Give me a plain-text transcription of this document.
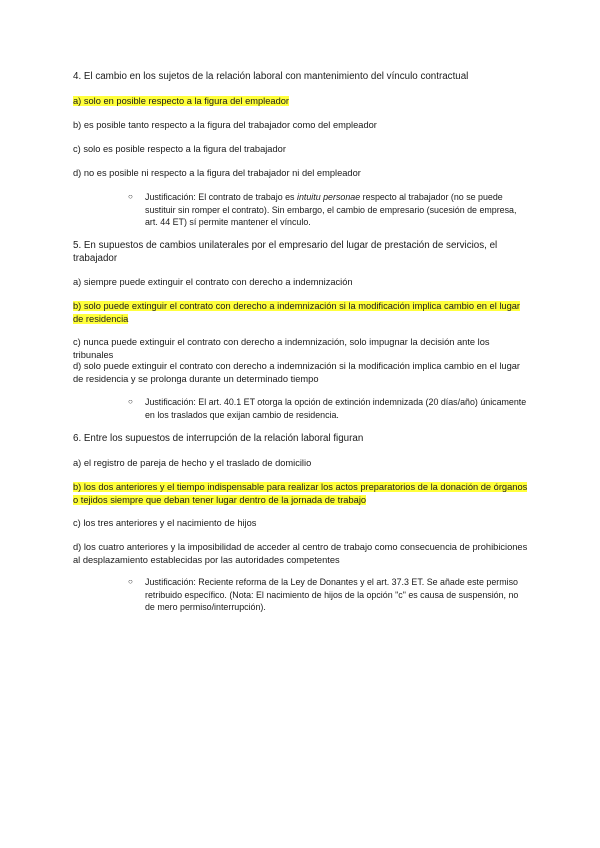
4. El cambio en los sujetos de la relación laboral con mantenimiento del vínculo contractual

a) solo en posible respecto a la figura del empleador

b) es posible tanto respecto a la figura del trabajador como del empleador

c) solo es posible respecto a la figura del trabajador

d) no es posible ni respecto a la figura del trabajador ni del empleador

○ Justificación: El contrato de trabajo es intuitu personae respecto al trabajador (no se puede sustituir sin romper el contrato). Sin embargo, el cambio de empresario (sucesión de empresa, art. 44 ET) sí permite mantener el vínculo.

5. En supuestos de cambios unilaterales por el empresario del lugar de prestación de servicios, el trabajador

a) siempre puede extinguir el contrato con derecho a indemnización

b) solo puede extinguir el contrato con derecho a indemnización si la modificación implica cambio en el lugar de residencia

c) nunca puede extinguir el contrato con derecho a indemnización, solo impugnar la decisión ante los tribunales

d) solo puede extinguir el contrato con derecho a indemnización si la modificación implica cambio en el lugar de residencia y se prolonga durante un determinado tiempo

○ Justificación: El art. 40.1 ET otorga la opción de extinción indemnizada (20 días/año) únicamente en los traslados que exijan cambio de residencia.

6. Entre los supuestos de interrupción de la relación laboral figuran

a) el registro de pareja de hecho y el traslado de domicilio

b) los dos anteriores y el tiempo indispensable para realizar los actos preparatorios de la donación de órganos o tejidos siempre que deban tener lugar dentro de la jornada de trabajo

c) los tres anteriores y el nacimiento de hijos

d) los cuatro anteriores y la imposibilidad de acceder al centro de trabajo como consecuencia de prohibiciones al desplazamiento establecidas por las autoridades competentes

○ Justificación: Reciente reforma de la Ley de Donantes y el art. 37.3 ET. Se añade este permiso retribuido específico. (Nota: El nacimiento de hijos de la opción "c" es causa de suspensión, no de mero permiso/interrupción).
